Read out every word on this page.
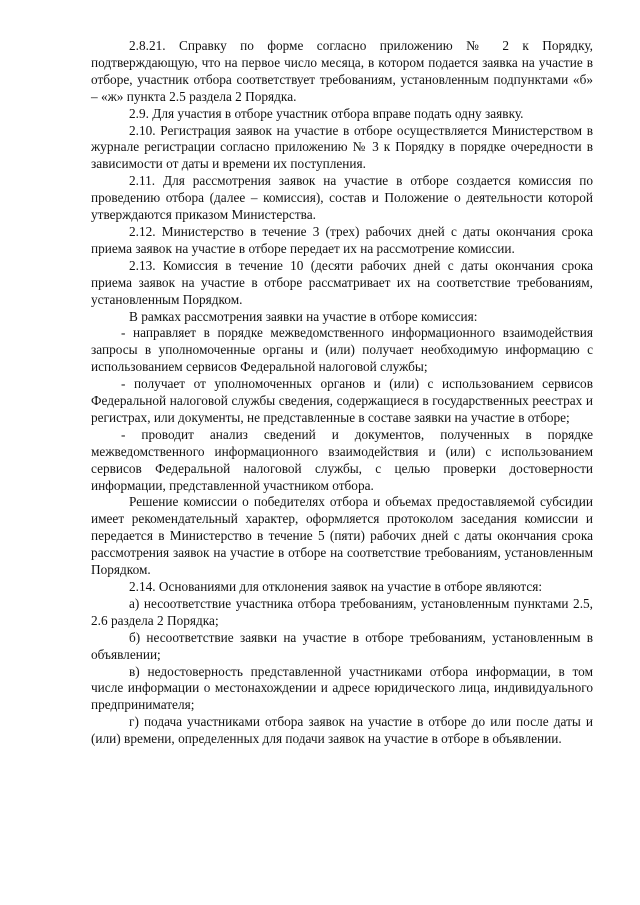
2.8.21. Справку по форме согласно приложению № 2 к Порядку, подтверждающую, что на первое число месяца, в котором подается заявка на участие в отборе, участник отбора соответствует требованиям, установленным подпунктами «б» – «ж» пункта 2.5 раздела 2 Порядка.

2.9. Для участия в отборе участник отбора вправе подать одну заявку.

2.10. Регистрация заявок на участие в отборе осуществляется Министерством в журнале регистрации согласно приложению № 3 к Порядку в порядке очередности в зависимости от даты и времени их поступления.

2.11. Для рассмотрения заявок на участие в отборе создается комиссия по проведению отбора (далее – комиссия), состав и Положение о деятельности которой утверждаются приказом Министерства.

2.12. Министерство в течение 3 (трех) рабочих дней с даты окончания срока приема заявок на участие в отборе передает их на рассмотрение комиссии.

2.13. Комиссия в течение 10 (десяти рабочих дней с даты окончания срока приема заявок на участие в отборе рассматривает их на соответствие требованиям, установленным Порядком.

В рамках рассмотрения заявки на участие в отборе комиссия:

- направляет в порядке межведомственного информационного взаимодействия запросы в уполномоченные органы и (или) получает необходимую информацию с использованием сервисов Федеральной налоговой службы;

- получает от уполномоченных органов и (или) с использованием сервисов Федеральной налоговой службы сведения, содержащиеся в государственных реестрах и регистрах, или документы, не представленные в составе заявки на участие в отборе;

- проводит анализ сведений и документов, полученных в порядке межведомственного информационного взаимодействия и (или) с использованием сервисов Федеральной налоговой службы, с целью проверки достоверности информации, представленной участником отбора.

Решение комиссии о победителях отбора и объемах предоставляемой субсидии имеет рекомендательный характер, оформляется протоколом заседания комиссии и передается в Министерство в течение 5 (пяти) рабочих дней с даты окончания срока рассмотрения заявок на участие в отборе на соответствие требованиям, установленным Порядком.

2.14. Основаниями для отклонения заявок на участие в отборе являются:

а) несоответствие участника отбора требованиям, установленным пунктами 2.5, 2.6 раздела 2 Порядка;

б) несоответствие заявки на участие в отборе требованиям, установленным в объявлении;

в) недостоверность представленной участниками отбора информации, в том числе информации о местонахождении и адресе юридического лица, индивидуального предпринимателя;

г) подача участниками отбора заявок на участие в отборе до или после даты и (или) времени, определенных для подачи заявок на участие в отборе в объявлении.
